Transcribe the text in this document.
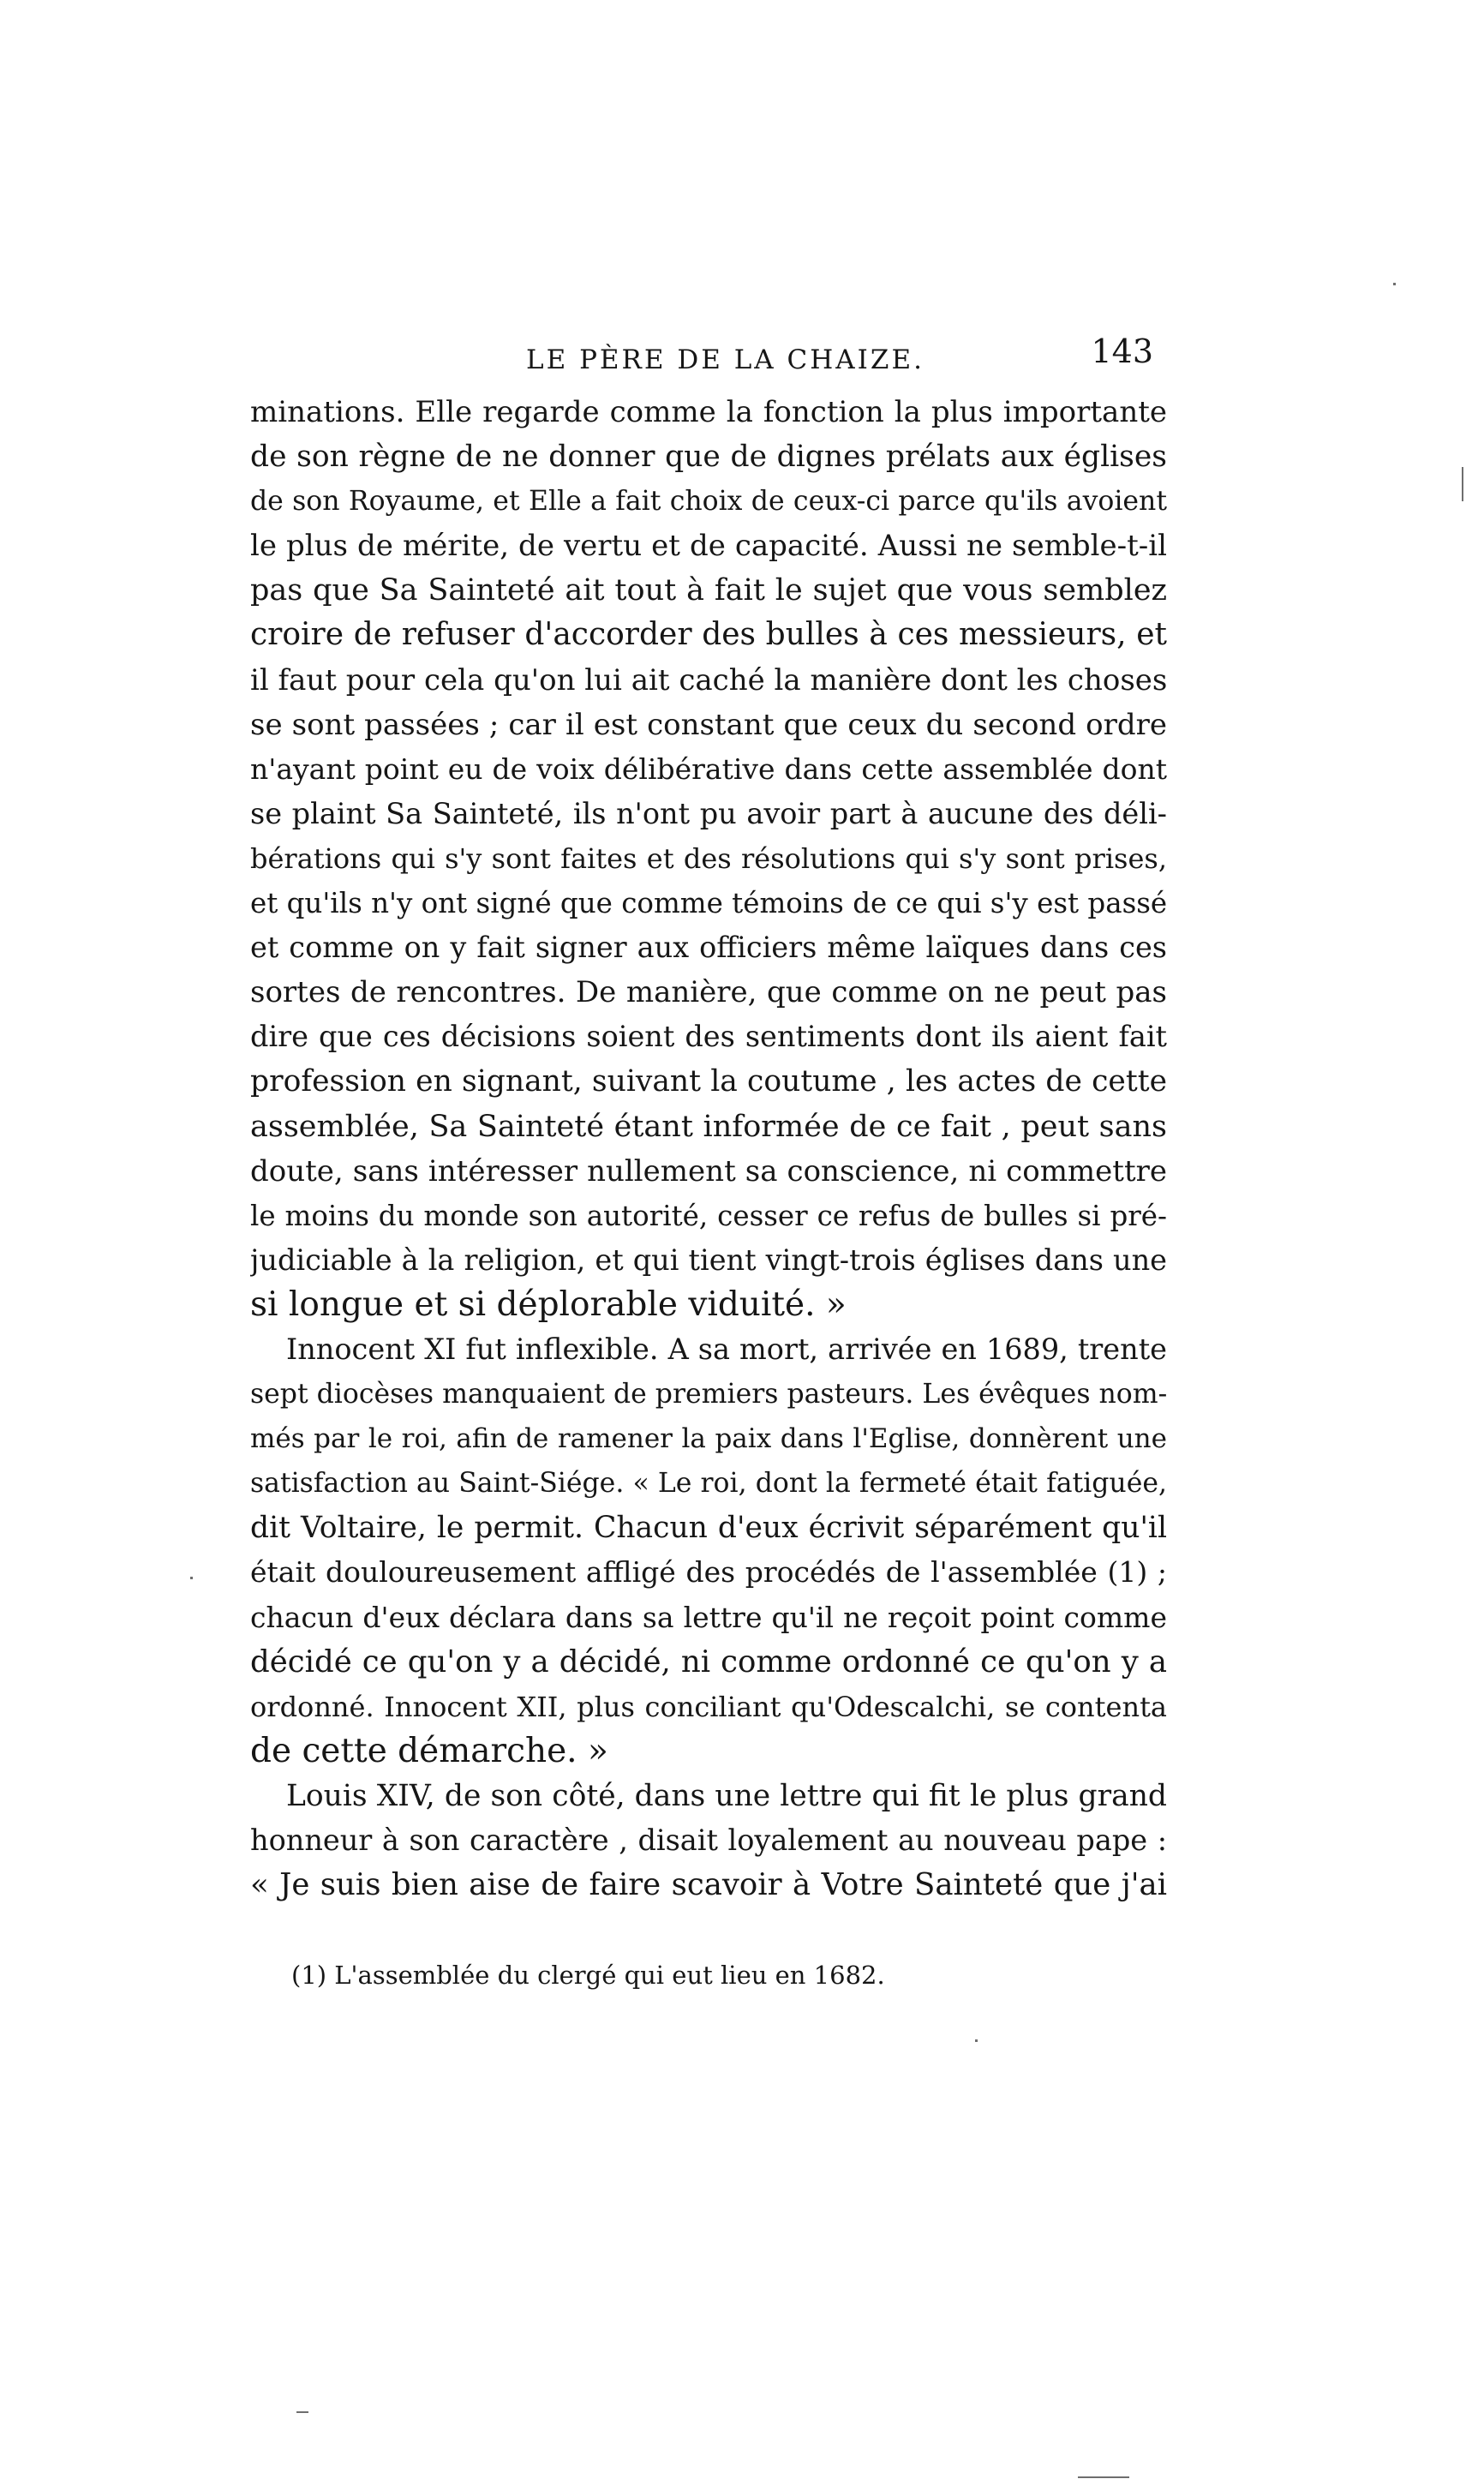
LE PÈRE DE LA CHAIZE.	143
minations. Elle regarde comme la fonction la plus importante
de son règne de ne donner que de dignes prélats aux églises
de son Royaume, et Elle a fait choix de ceux-ci parce qu'ils avoient
le plus de mérite, de vertu et de capacité. Aussi ne semble-t-il
pas que Sa Sainteté ait tout à fait le sujet que vous semblez
croire de refuser d'accorder des bulles à ces messieurs, et
il faut pour cela qu'on lui ait caché la manière dont les choses
se sont passées ; car il est constant que ceux du second ordre
n'ayant point eu de voix délibérative dans cette assemblée dont
se plaint Sa Sainteté, ils n'ont pu avoir part à aucune des déli-
bérations qui s'y sont faites et des résolutions qui s'y sont prises,
et qu'ils n'y ont signé que comme témoins de ce qui s'y est passé
et comme on y fait signer aux officiers même laïques dans ces
sortes de rencontres. De manière, que comme on ne peut pas
dire que ces décisions soient des sentiments dont ils aient fait
profession en signant, suivant la coutume , les actes de cette
assemblée, Sa Sainteté étant informée de ce fait , peut sans
doute, sans intéresser nullement sa conscience, ni commettre
le moins du monde son autorité, cesser ce refus de bulles si pré-
judiciable à la religion, et qui tient vingt-trois églises dans une
si longue et si déplorable viduité. »
Innocent XI fut inflexible. A sa mort, arrivée en 1689, trente
sept diocèses manquaient de premiers pasteurs. Les évêques nom-
més par le roi, afin de ramener la paix dans l'Eglise, donnèrent une
satisfaction au Saint-Siége. « Le roi, dont la fermeté était fatiguée,
dit Voltaire, le permit. Chacun d'eux écrivit séparément qu'il
était douloureusement affligé des procédés de l'assemblée (1) ;
chacun d'eux déclara dans sa lettre qu'il ne reçoit point comme
décidé ce qu'on y a décidé, ni comme ordonné ce qu'on y a
ordonné. Innocent XII, plus conciliant qu'Odescalchi, se contenta
de cette démarche. »
Louis XIV, de son côté, dans une lettre qui fit le plus grand
honneur à son caractère , disait loyalement au nouveau pape :
« Je suis bien aise de faire scavoir à Votre Sainteté que j'ai
(1) L'assemblée du clergé qui eut lieu en 1682.
